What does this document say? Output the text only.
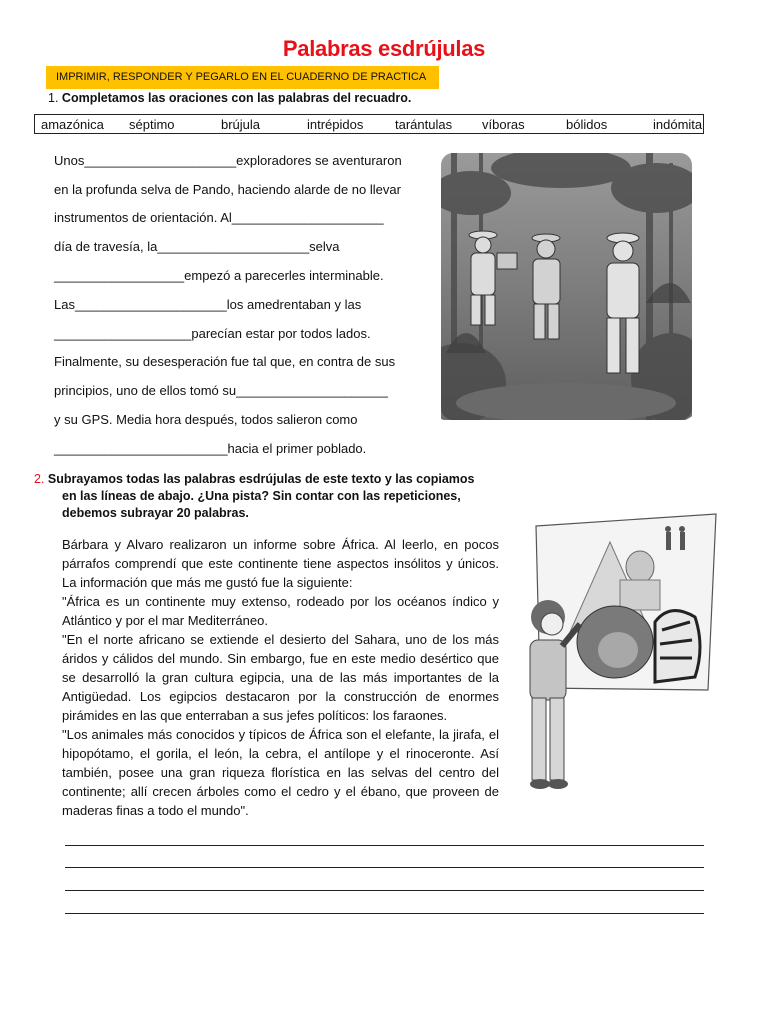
Palabras esdrújulas
IMPRIMIR, RESPONDER Y PEGARLO EN EL CUADERNO DE PRACTICA
1. Completamos las oraciones con las palabras del recuadro.
amazónica séptimo	brújula	intrépidos tarántulas víboras	bólidos	indómita
Unos_____________________exploradores se aventuraron
en la profunda selva de Pando, haciendo alarde de no llevar
instrumentos de orientación. Al_____________________
día de travesía, la_____________________selva
__________________empezó a parecerles interminable.
Las_____________________los amedrentaban y las
___________________parecían estar por todos lados.
Finalmente, su desesperación fue tal que, en contra de sus
principios, uno de ellos tomó su_____________________
y su GPS. Media hora después, todos salieron como
________________________hacia el primer poblado.
2. Subrayamos todas las palabras esdrújulas de este texto y las copiamos
en las líneas de abajo. ¿Una pista? Sin contar con las repeticiones,
debemos subrayar 20 palabras.

Bárbara y Alvaro realizaron un informe sobre África. Al leerlo, en pocos párrafos comprendí que este continente tiene aspectos insólitos y únicos. La información que más me gustó fue la siguiente:

"África es un continente muy extenso, rodeado por los océanos índico y Atlántico y por el mar Mediterráneo.

"En el norte africano se extiende el desierto del Sahara, uno de los más áridos y cálidos del mundo. Sin embargo, fue en este medio desértico que se desarrolló la gran cultura egipcia, una de las más importantes de la Antigüedad. Los egipcios destacaron por la construcción de enormes pirámides en las que enterraban a sus jefes políticos: los faraones.

"Los animales más conocidos y típicos de África son el elefante, la jirafa, el hipopótamo, el gorila, el león, la cebra, el antílope y el rinoceronte. Así también, posee una gran riqueza florística en las selvas del centro del continente; allí crecen árboles como el cedro y el ébano, que proveen de maderas finas a todo el mundo".
